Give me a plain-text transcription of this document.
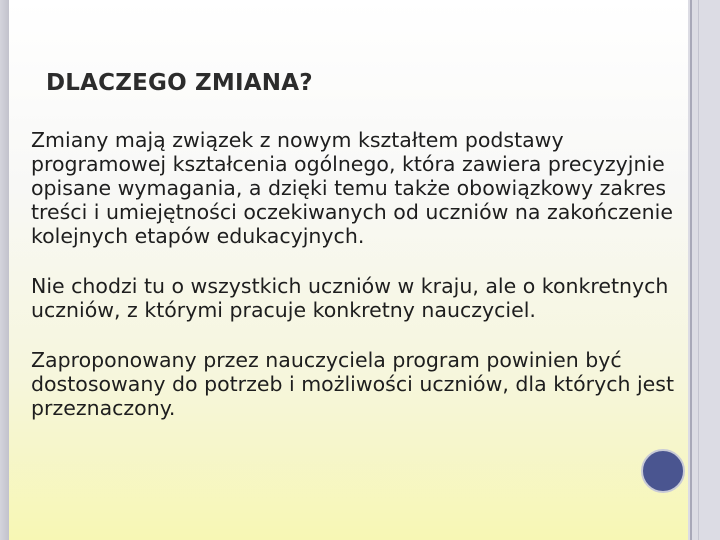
DLACZEGO ZMIANA?

Zmiany mają związek z nowym kształtem podstawy programowej kształcenia ogólnego, która zawiera precyzyjnie opisane wymagania, a dzięki temu także obowiązkowy zakres treści i umiejętności oczekiwanych od uczniów na zakończenie kolejnych etapów edukacyjnych.

Nie chodzi tu o wszystkich uczniów w kraju, ale o konkretnych uczniów, z którymi pracuje konkretny nauczyciel.

Zaproponowany przez nauczyciela program powinien być dostosowany do potrzeb i możliwości uczniów, dla których jest przeznaczony.
